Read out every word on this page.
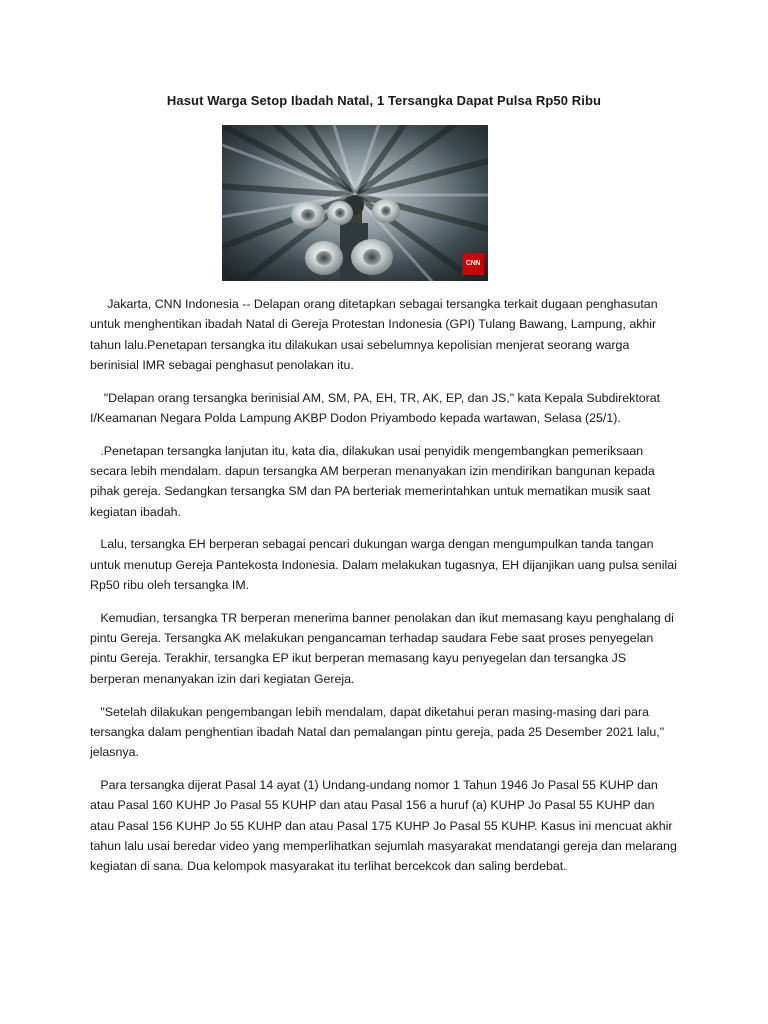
Hasut Warga Setop Ibadah Natal, 1 Tersangka Dapat Pulsa Rp50 Ribu
CNN

Jakarta, CNN Indonesia -- Delapan orang ditetapkan sebagai tersangka terkait dugaan penghasutan untuk menghentikan ibadah Natal di Gereja Protestan Indonesia (GPI) Tulang Bawang, Lampung, akhir tahun lalu.Penetapan tersangka itu dilakukan usai sebelumnya kepolisian menjerat seorang warga berinisial IMR sebagai penghasut penolakan itu.

"Delapan orang tersangka berinisial AM, SM, PA, EH, TR, AK, EP, dan JS," kata Kepala Subdirektorat I/Keamanan Negara Polda Lampung AKBP Dodon Priyambodo kepada wartawan, Selasa (25/1).

.Penetapan tersangka lanjutan itu, kata dia, dilakukan usai penyidik mengembangkan pemeriksaan secara lebih mendalam. dapun tersangka AM berperan menanyakan izin mendirikan bangunan kepada pihak gereja. Sedangkan tersangka SM dan PA berteriak memerintahkan untuk mematikan musik saat kegiatan ibadah.

Lalu, tersangka EH berperan sebagai pencari dukungan warga dengan mengumpulkan tanda tangan untuk menutup Gereja Pantekosta Indonesia. Dalam melakukan tugasnya, EH dijanjikan uang pulsa senilai Rp50 ribu oleh tersangka IM.

Kemudian, tersangka TR berperan menerima banner penolakan dan ikut memasang kayu penghalang di pintu Gereja. Tersangka AK melakukan pengancaman terhadap saudara Febe saat proses penyegelan pintu Gereja. Terakhir, tersangka EP ikut berperan memasang kayu penyegelan dan tersangka JS berperan menanyakan izin dari kegiatan Gereja.

"Setelah dilakukan pengembangan lebih mendalam, dapat diketahui peran masing-masing dari para tersangka dalam penghentian ibadah Natal dan pemalangan pintu gereja, pada 25 Desember 2021 lalu," jelasnya.

Para tersangka dijerat Pasal 14 ayat (1) Undang-undang nomor 1 Tahun 1946 Jo Pasal 55 KUHP dan atau Pasal 160 KUHP Jo Pasal 55 KUHP dan atau Pasal 156 a huruf (a) KUHP Jo Pasal 55 KUHP dan atau Pasal 156 KUHP Jo 55 KUHP dan atau Pasal 175 KUHP Jo Pasal 55 KUHP. Kasus ini mencuat akhir tahun lalu usai beredar video yang memperlihatkan sejumlah masyarakat mendatangi gereja dan melarang kegiatan di sana. Dua kelompok masyarakat itu terlihat bercekcok dan saling berdebat.
